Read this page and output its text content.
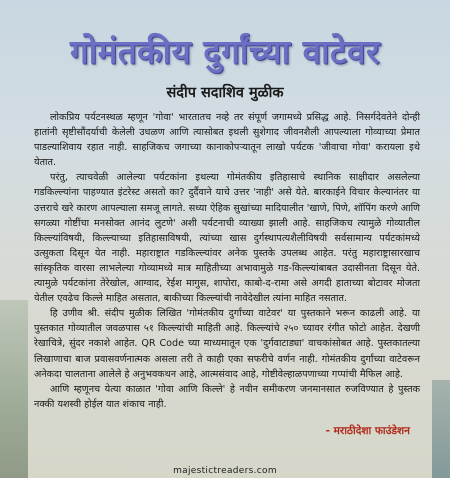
गोमंतकीय दुर्गांच्या वाटेवर
संदीप सदाशिव मुळीक

लोकप्रिय पर्यटनस्थळ म्हणून 'गोवा' भारतातच नव्हे तर संपूर्ण जगामध्ये प्रसिद्ध आहे. निसर्गदेवतेने दोन्ही हातांनी सृष्टीसौंदर्याची केलेली उधळण आणि त्यासोबत इथली सुशेगाद जीवनशैली आपल्याला गोव्याच्या प्रेमात पाडल्याशिवाय रहात नाही. साहजिकच जगाच्या कानाकोपऱ्यातून लाखो पर्यटक 'जीवाचा गोवा' करायला इथे येतात.

परंतु, त्याचवेळी आलेल्या पर्यटकांना इथल्या गोमंतकीय इतिहासाचे स्थानिक साक्षीदार असलेल्या गडकिल्ल्यांना पाहण्यात इंटरेस्ट असतो का? दुर्दैवाने याचे उत्तर 'नाही' असे येते. बारकाईने विचार केल्यानंतर या उत्तराचे खरे कारण आपल्याला समजू लागते. सध्या ऐहिक सुखांच्या मादियालीत 'खाणे, पिणे, शॉपिंग करणे आणि सगळ्या गोष्टींचा मनसोक्त आनंद लुटणे' अशी पर्यटनाची व्याख्या झाली आहे. साहजिकच त्यामुळे गोव्यातील किल्ल्यांविषयी, किल्ल्याच्या इतिहासाविषयी, त्यांच्या खास दुर्गस्थापत्यशैलीविषयी सर्वसामान्य पर्यटकांमध्ये उत्सुकता दिसून येत नाही. महाराष्ट्रात गडकिल्ल्यांवर अनेक पुस्तके उपलब्ध आहेत. परंतु महाराष्ट्रासारखाच सांस्कृतिक वारसा लाभलेल्या गोव्यामध्ये मात्र माहितीच्या अभावामुळे गड-किल्ल्यांबाबत उदासीनता दिसून येते. त्यामुळे पर्यटकांना तेरेखोल, आग्वाद, रेईश मागुस, शापोरा, काबो-द-रामा असे अगदी हाताच्या बोटावर मोजता येतील एवढेच किल्ले माहित असतात, बाकीच्या किल्ल्यांची नावेदेखील त्यांना माहित नसतात.

हि उणीव श्री. संदीप मुळीक लिखित 'गोमंतकीय दुर्गांच्या वाटेवर' या पुस्तकाने भरून काढली आहे. या पुस्तकात गोव्यातील जवळपास ५१ किल्ल्यांची माहिती आहे. किल्ल्यांचे २५० च्यावर रंगीत फोटो आहेत. देखणी रेखाचित्रे, सुंदर नकाशे आहेत. QR Code च्या माध्यमातून एक 'दुर्गवाटाड्या' वाचकांसोबत आहे. पुस्तकातल्या लिखाणाचा बाज प्रवासवर्णनात्मक असला तरी ते काही एका सफरीचे वर्णन नाही. गोमंतकीय दुर्गांच्या वाटेवरून अनेकदा चालताना आलेले हे अनुभवकथन आहे, आत्मसंवाद आहे, गोष्टीवेल्हाळपणाच्या गप्पांची मैफिल आहे.

आणि म्हणूनच येत्या काळात 'गोवा आणि किल्ले' हे नवीन समीकरण जनमानसात रुजविण्यात हे पुस्तक नक्की यशस्वी होईल यात शंकाच नाही.

- मराठीदेशा फाउंडेशन
majestictreaders.com
